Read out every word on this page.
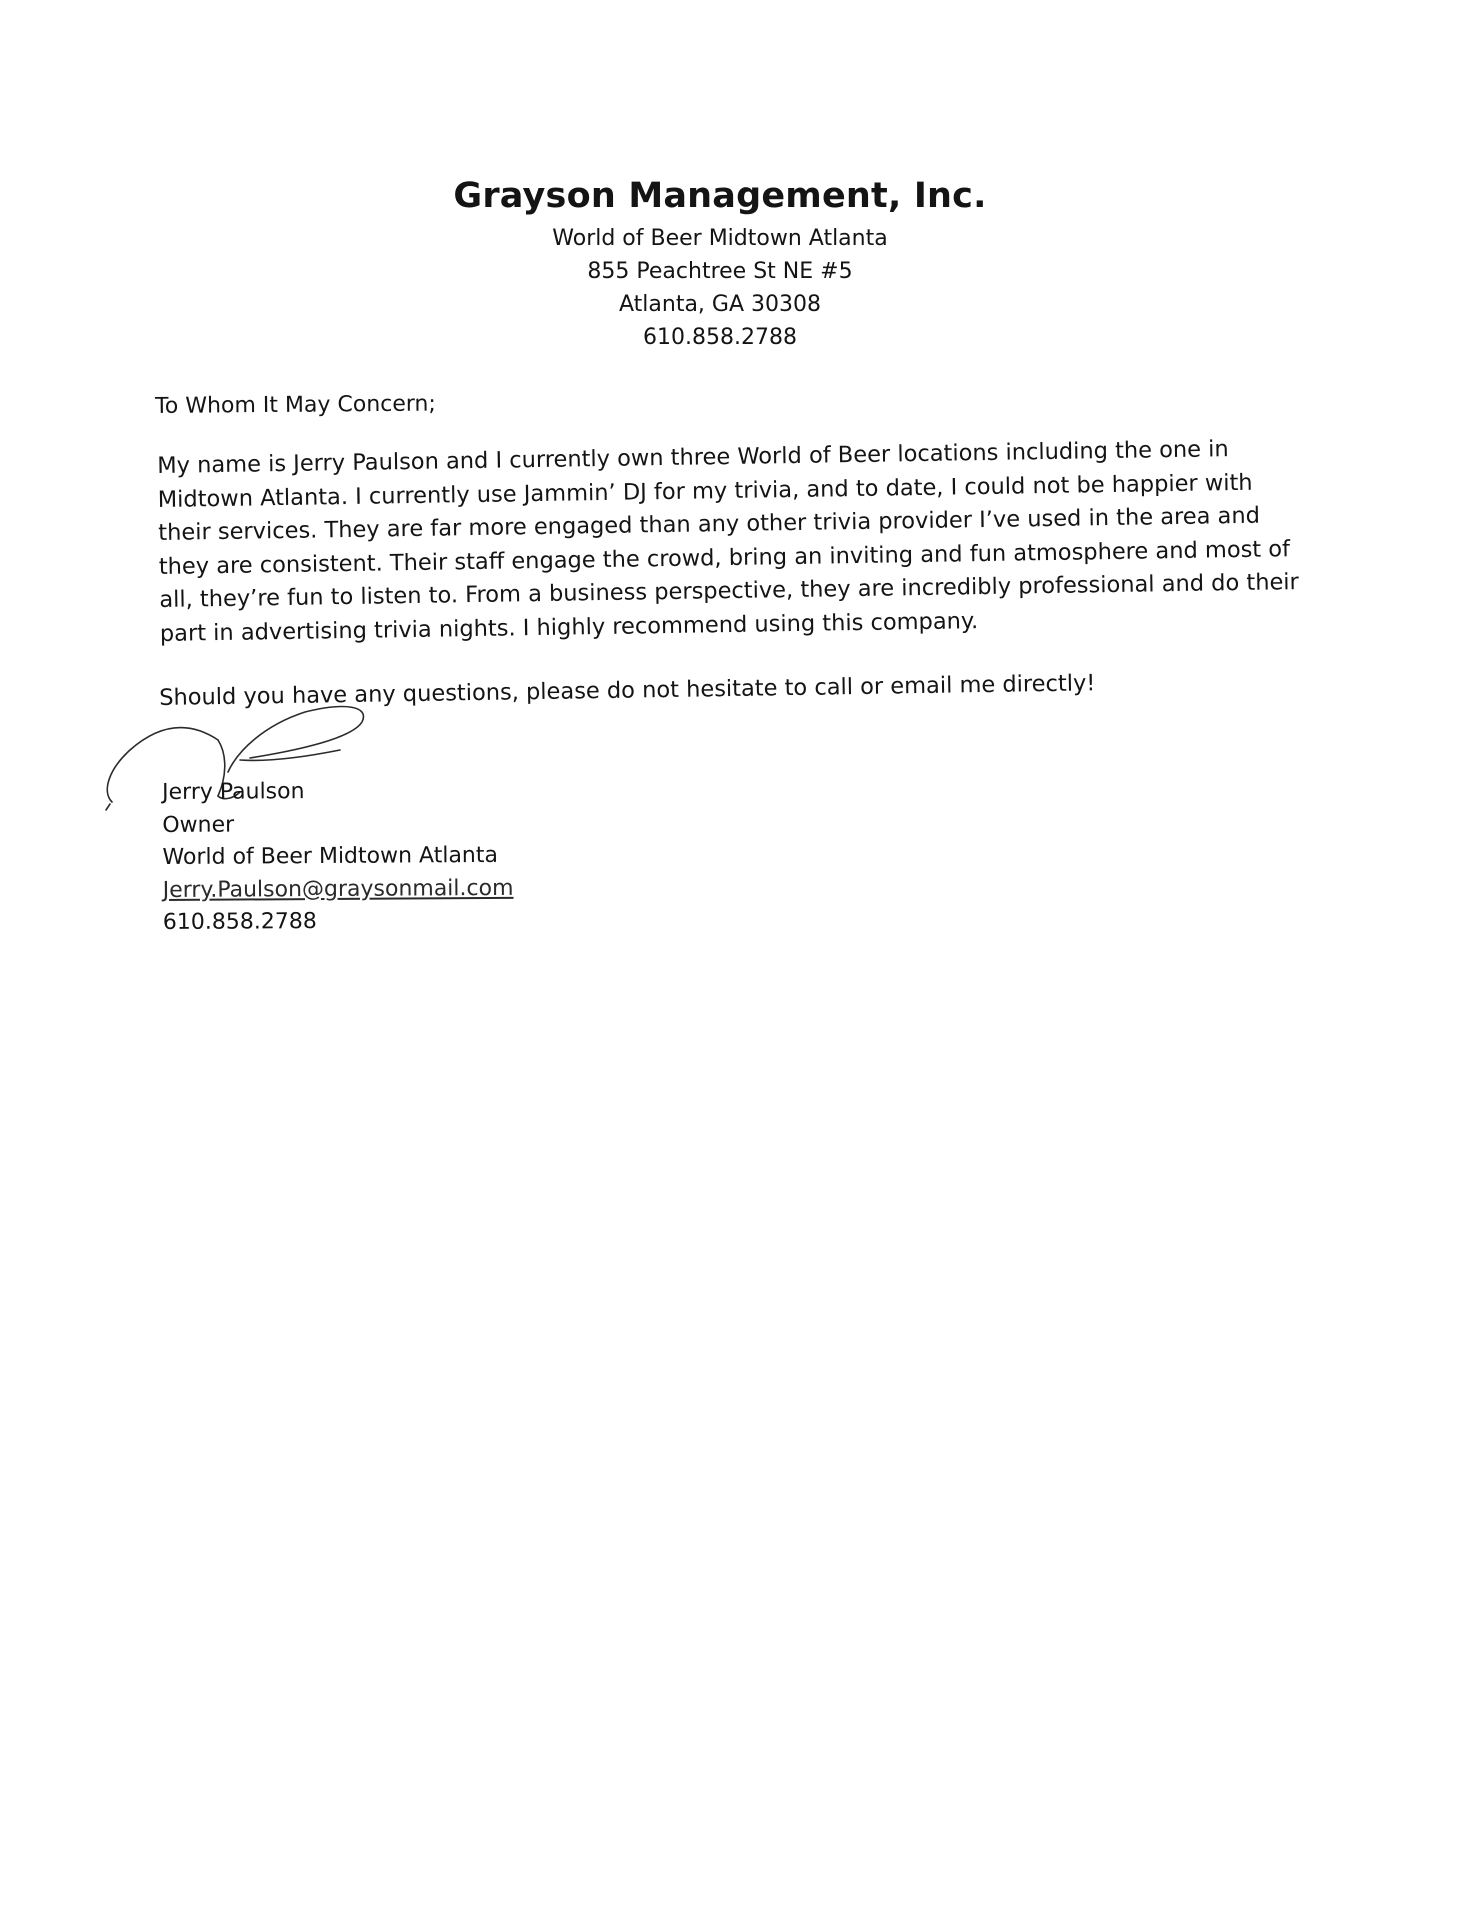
Grayson Management, Inc.
World of Beer Midtown Atlanta
855 Peachtree St NE #5
Atlanta, GA 30308
610.858.2788
To Whom It May Concern;
My name is Jerry Paulson and I currently own three World of Beer locations including the one in Midtown Atlanta. I currently use Jammin’ DJ for my trivia, and to date, I could not be happier with their services. They are far more engaged than any other trivia provider I’ve used in the area and they are consistent. Their staff engage the crowd, bring an inviting and fun atmosphere and most of all, they’re fun to listen to. From a business perspective, they are incredibly professional and do their part in advertising trivia nights. I highly recommend using this company.
Should you have any questions, please do not hesitate to call or email me directly!
Jerry Paulson
Owner
World of Beer Midtown Atlanta
Jerry.Paulson@graysonmail.com
610.858.2788
